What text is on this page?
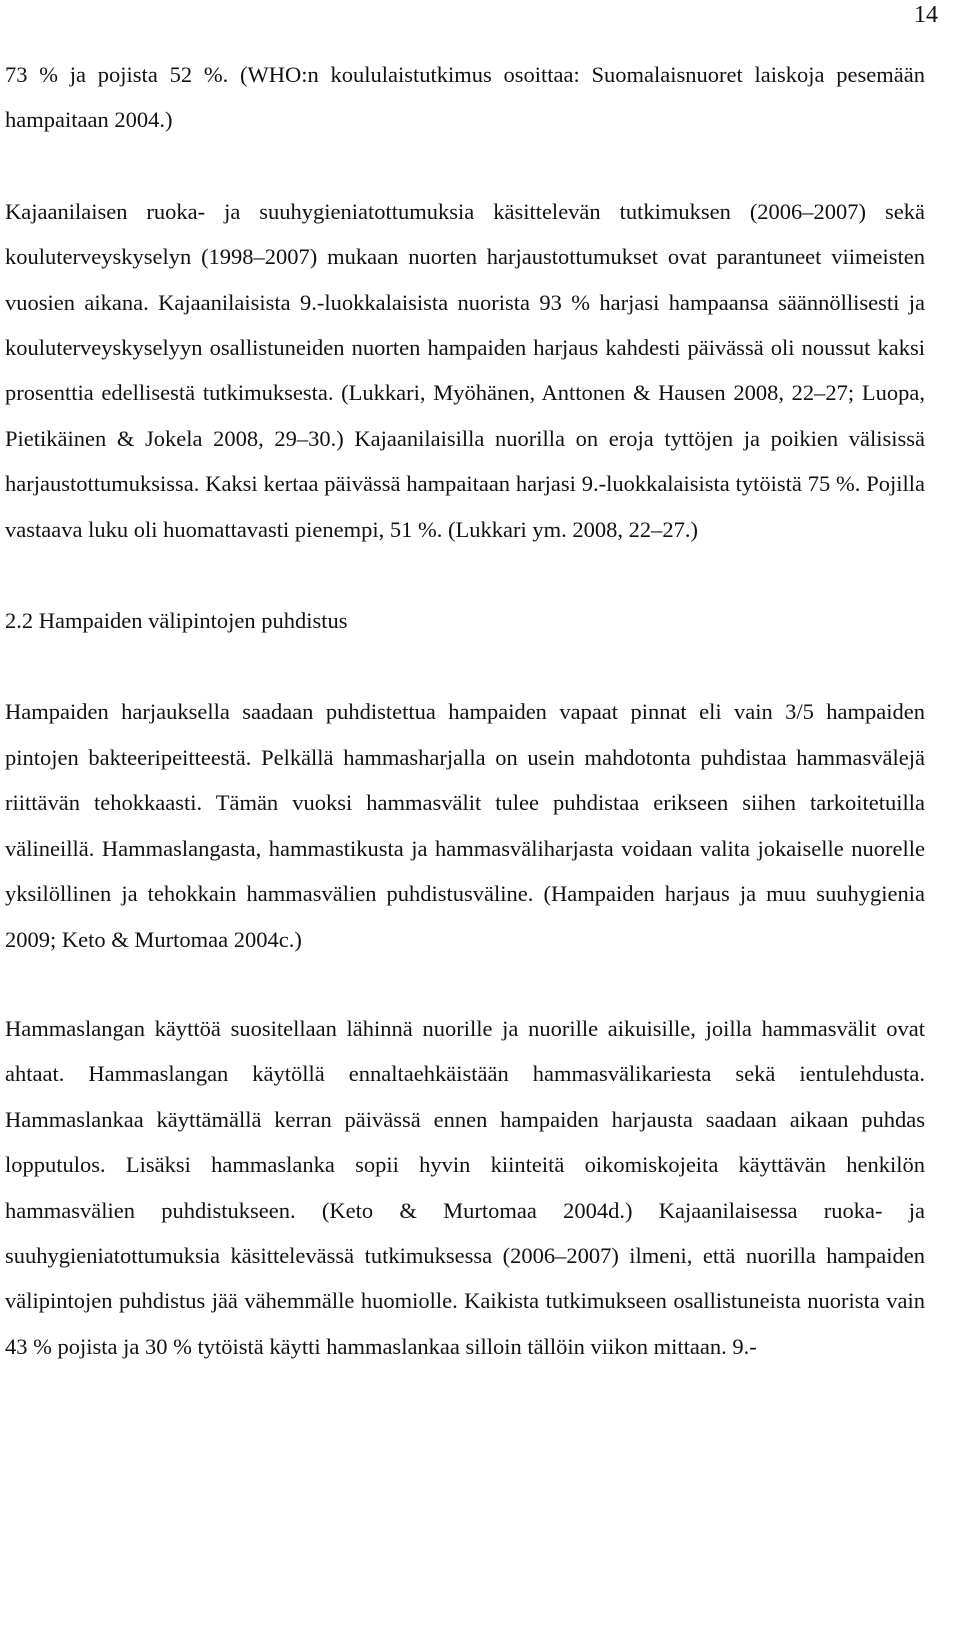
14

73 % ja pojista 52 %. (WHO:n koululaistutkimus osoittaa: Suomalaisnuoret laiskoja pesemään hampaitaan 2004.)

Kajaanilaisen ruoka- ja suuhygieniatottumuksia käsittelevän tutkimuksen (2006–2007) sekä kouluterveyskyselyn (1998–2007) mukaan nuorten harjaustottumukset ovat parantuneet viimeisten vuosien aikana. Kajaanilaisista 9.-luokkalaisista nuorista 93 % harjasi hampaansa säännöllisesti ja kouluterveyskyselyyn osallistuneiden nuorten hampaiden harjaus kahdesti päivässä oli noussut kaksi prosenttia edellisestä tutkimuksesta. (Lukkari, Myöhänen, Anttonen & Hausen 2008, 22–27; Luopa, Pietikäinen & Jokela 2008, 29–30.) Kajaanilaisilla nuorilla on eroja tyttöjen ja poikien välisissä harjaustottumuksissa. Kaksi kertaa päivässä hampaitaan harjasi 9.-luokkalaisista tytöistä 75 %. Pojilla vastaava luku oli huomattavasti pienempi, 51 %. (Lukkari ym. 2008, 22–27.)

2.2 Hampaiden välipintojen puhdistus

Hampaiden harjauksella saadaan puhdistettua hampaiden vapaat pinnat eli vain 3/5 hampaiden pintojen bakteeripeitteestä. Pelkällä hammasharjalla on usein mahdotonta puhdistaa hammasvälejä riittävän tehokkaasti. Tämän vuoksi hammasvälit tulee puhdistaa erikseen siihen tarkoitetuilla välineillä. Hammaslangasta, hammastikusta ja hammasväliharjasta voidaan valita jokaiselle nuorelle yksilöllinen ja tehokkain hammasvälien puhdistusväline. (Hampaiden harjaus ja muu suuhygienia 2009; Keto & Murtomaa 2004c.)

Hammaslangan käyttöä suositellaan lähinnä nuorille ja nuorille aikuisille, joilla hammasvälit ovat ahtaat. Hammaslangan käytöllä ennaltaehkäistään hammasvälikariesta sekä ientulehdusta. Hammaslankaa käyttämällä kerran päivässä ennen hampaiden harjausta saadaan aikaan puhdas lopputulos. Lisäksi hammaslanka sopii hyvin kiinteitä oikomiskojeita käyttävän henkilön hammasvälien puhdistukseen. (Keto & Murtomaa 2004d.) Kajaanilaisessa ruoka- ja suuhygieniatottumuksia käsittelevässä tutkimuksessa (2006–2007) ilmeni, että nuorilla hampaiden välipintojen puhdistus jää vähemmälle huomiolle. Kaikista tutkimukseen osallistuneista nuorista vain 43 % pojista ja 30 % tytöistä käytti hammaslankaa silloin tällöin viikon mittaan. 9.-
